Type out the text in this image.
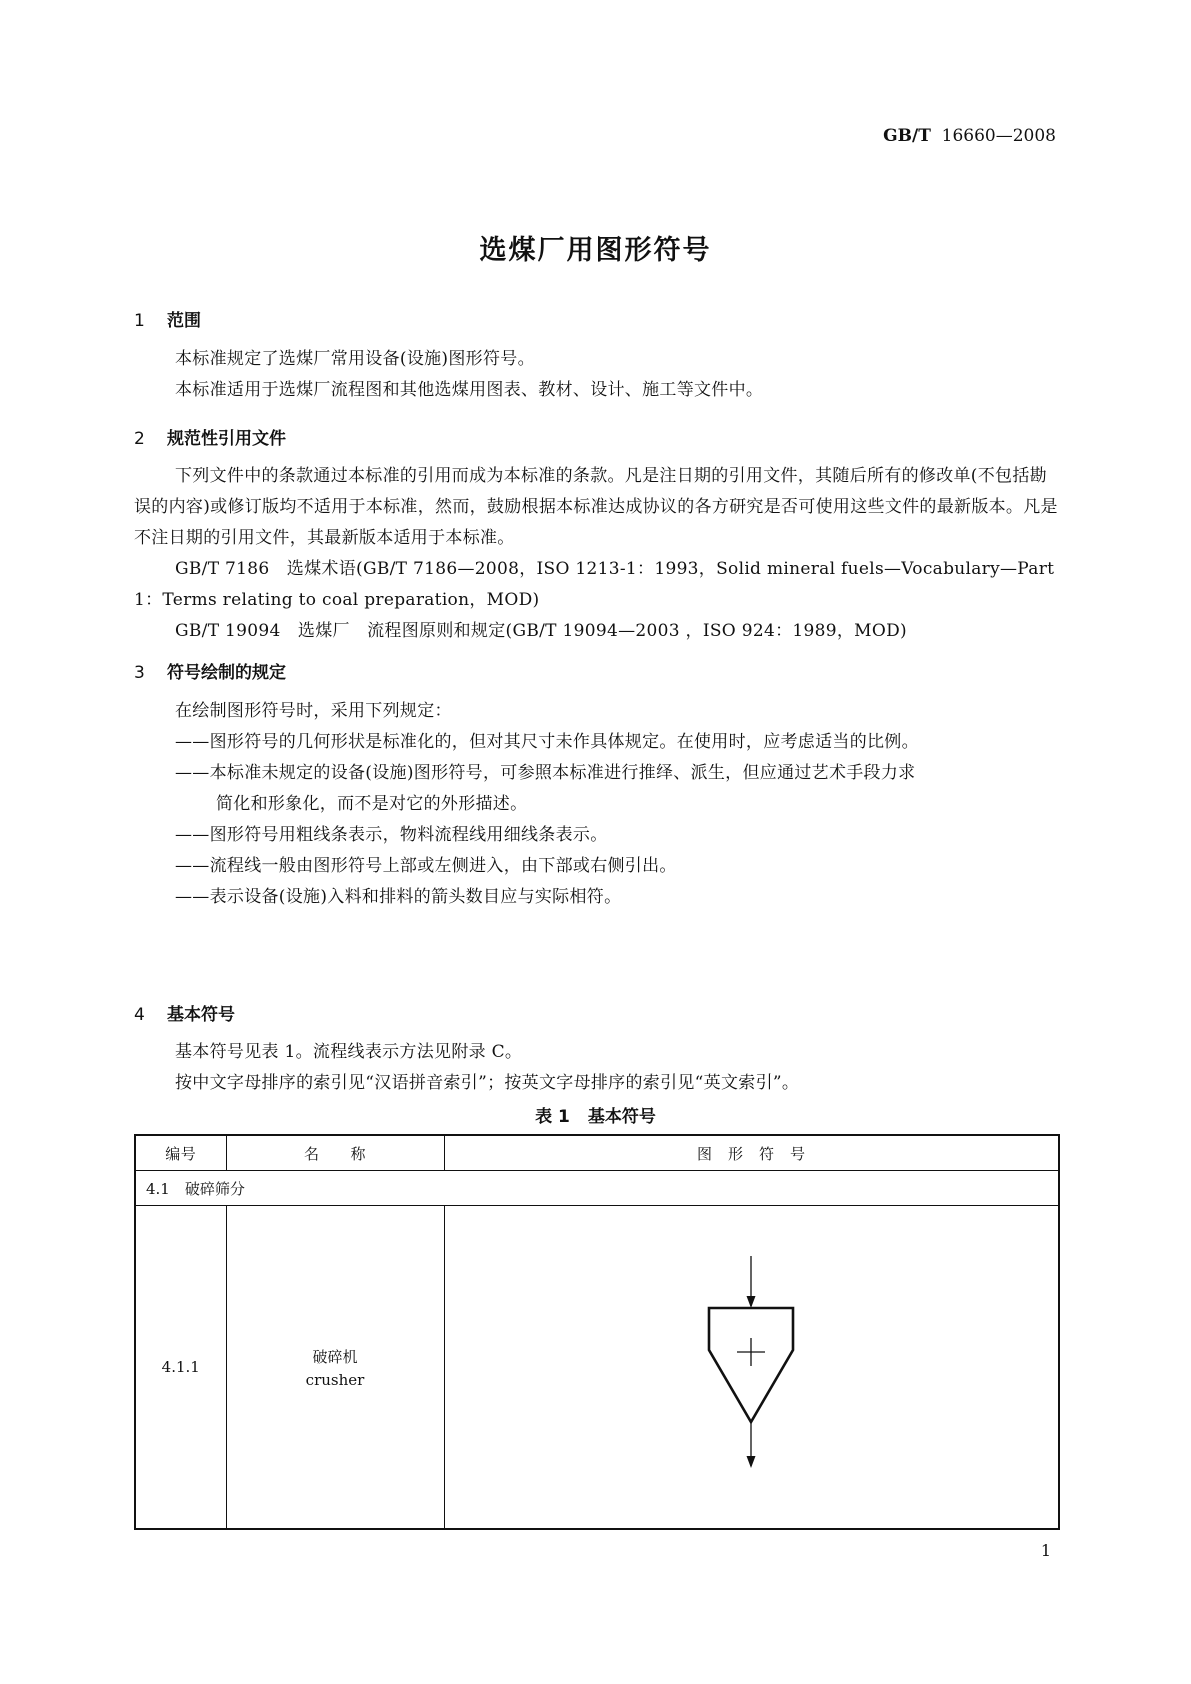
GB/T 16660—2008
选煤厂用图形符号
1 范围

本标准规定了选煤厂常用设备(设施)图形符号。

本标准适用于选煤厂流程图和其他选煤用图表、教材、设计、施工等文件中。

2 规范性引用文件

下列文件中的条款通过本标准的引用而成为本标准的条款。凡是注日期的引用文件，其随后所有的修改单(不包括勘误的内容)或修订版均不适用于本标准，然而，鼓励根据本标准达成协议的各方研究是否可使用这些文件的最新版本。凡是不注日期的引用文件，其最新版本适用于本标准。

GB/T 7186　选煤术语(GB/T 7186—2008，ISO 1213-1：1993，Solid mineral fuels—Vocabulary—Part 1：Terms relating to coal preparation，MOD)

GB/T 19094　选煤厂　流程图原则和规定(GB/T 19094—2003 ，ISO 924：1989，MOD)

3 符号绘制的规定

在绘制图形符号时，采用下列规定：

——图形符号的几何形状是标准化的，但对其尺寸未作具体规定。在使用时，应考虑适当的比例。

——本标准未规定的设备(设施)图形符号，可参照本标准进行推绎、派生，但应通过艺术手段力求

简化和形象化，而不是对它的外形描述。

——图形符号用粗线条表示，物料流程线用细线条表示。

——流程线一般由图形符号上部或左侧进入，由下部或右侧引出。

——表示设备(设施)入料和排料的箭头数目应与实际相符。

4 基本符号

基本符号见表 1。流程线表示方法见附录 C。

按中文字母排序的索引见“汉语拼音索引”；按英文字母排序的索引见“英文索引”。

表 1 基本符号
编号	名　　称	图　形　符　号
4.1　破碎筛分		
4.1.1	破碎机
crusher

1
